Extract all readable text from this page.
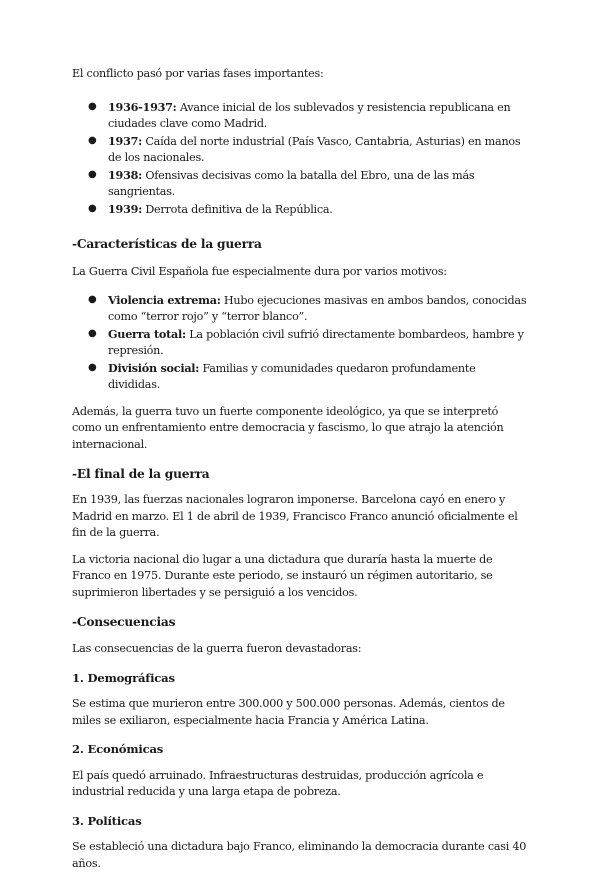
El conflicto pasó por varias fases importantes:

● 1936-1937: Avance inicial de los sublevados y resistencia republicana en ciudades clave como Madrid.
● 1937: Caída del norte industrial (País Vasco, Cantabria, Asturias) en manos de los nacionales.
● 1938: Ofensivas decisivas como la batalla del Ebro, una de las más sangrientas.
● 1939: Derrota definitiva de la República.
-Características de la guerra

La Guerra Civil Española fue especialmente dura por varios motivos:

● Violencia extrema: Hubo ejecuciones masivas en ambos bandos, conocidas como “terror rojo” y “terror blanco”.
● Guerra total: La población civil sufrió directamente bombardeos, hambre y represión.
● División social: Familias y comunidades quedaron profundamente divididas.

Además, la guerra tuvo un fuerte componente ideológico, ya que se interpretó como un enfrentamiento entre democracia y fascismo, lo que atrajo la atención internacional.

-El final de la guerra

En 1939, las fuerzas nacionales lograron imponerse. Barcelona cayó en enero y Madrid en marzo. El 1 de abril de 1939, Francisco Franco anunció oficialmente el fin de la guerra.

La victoria nacional dio lugar a una dictadura que duraría hasta la muerte de Franco en 1975. Durante este periodo, se instauró un régimen autoritario, se suprimieron libertades y se persiguió a los vencidos.

-Consecuencias

Las consecuencias de la guerra fueron devastadoras:

1. Demográficas

Se estima que murieron entre 300.000 y 500.000 personas. Además, cientos de miles se exiliaron, especialmente hacia Francia y América Latina.

2. Económicas

El país quedó arruinado. Infraestructuras destruidas, producción agrícola e industrial reducida y una larga etapa de pobreza.

3. Políticas

Se estableció una dictadura bajo Franco, eliminando la democracia durante casi 40 años.
